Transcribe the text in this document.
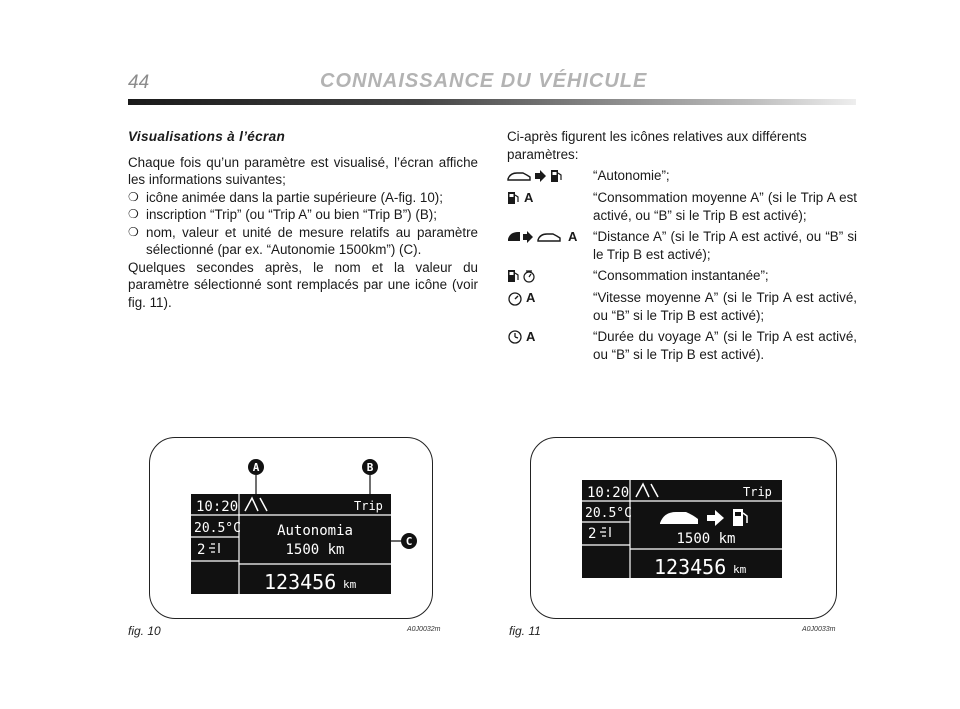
44	CONNAISSANCE DU VÉHICULE
Visualisations à l’écran

Chaque fois qu’un paramètre est visualisé, l’écran affiche les informations suivantes;

❍ icône animée dans la partie supérieure (A-fig. 10);
❍ inscription “Trip” (ou “Trip A” ou bien “Trip B”) (B);
❍ nom, valeur et unité de mesure relatifs au paramètre sélectionné (par ex. “Autonomie 1500km”) (C).

Quelques secondes après, le nom et la valeur du paramètre sélectionné sont remplacés par une icône (voir fig. 11).

Ci-après figurent les icônes relatives aux différents paramètres:

“Autonomie”;
A	“Consommation moyenne A” (si le Trip A est activé, ou “B” si le Trip B est activé);
A “Distance A” (si le Trip A est activé, ou “B” si le Trip B est activé);
“Consommation instantanée”;
A	“Vitesse moyenne A” (si le Trip A est activé, ou “B” si le Trip B est activé);
A	“Durée du voyage A” (si le Trip A est activé, ou “B” si le Trip B est activé).
A	B
C
10:20	Trip
20.5°C
2
Autonomia
1500 km
123456 km
fig. 10	A0J0032m
10:20	Trip
20.5°C
2	1500 km
123456 km
fig. 11	A0J0033m
